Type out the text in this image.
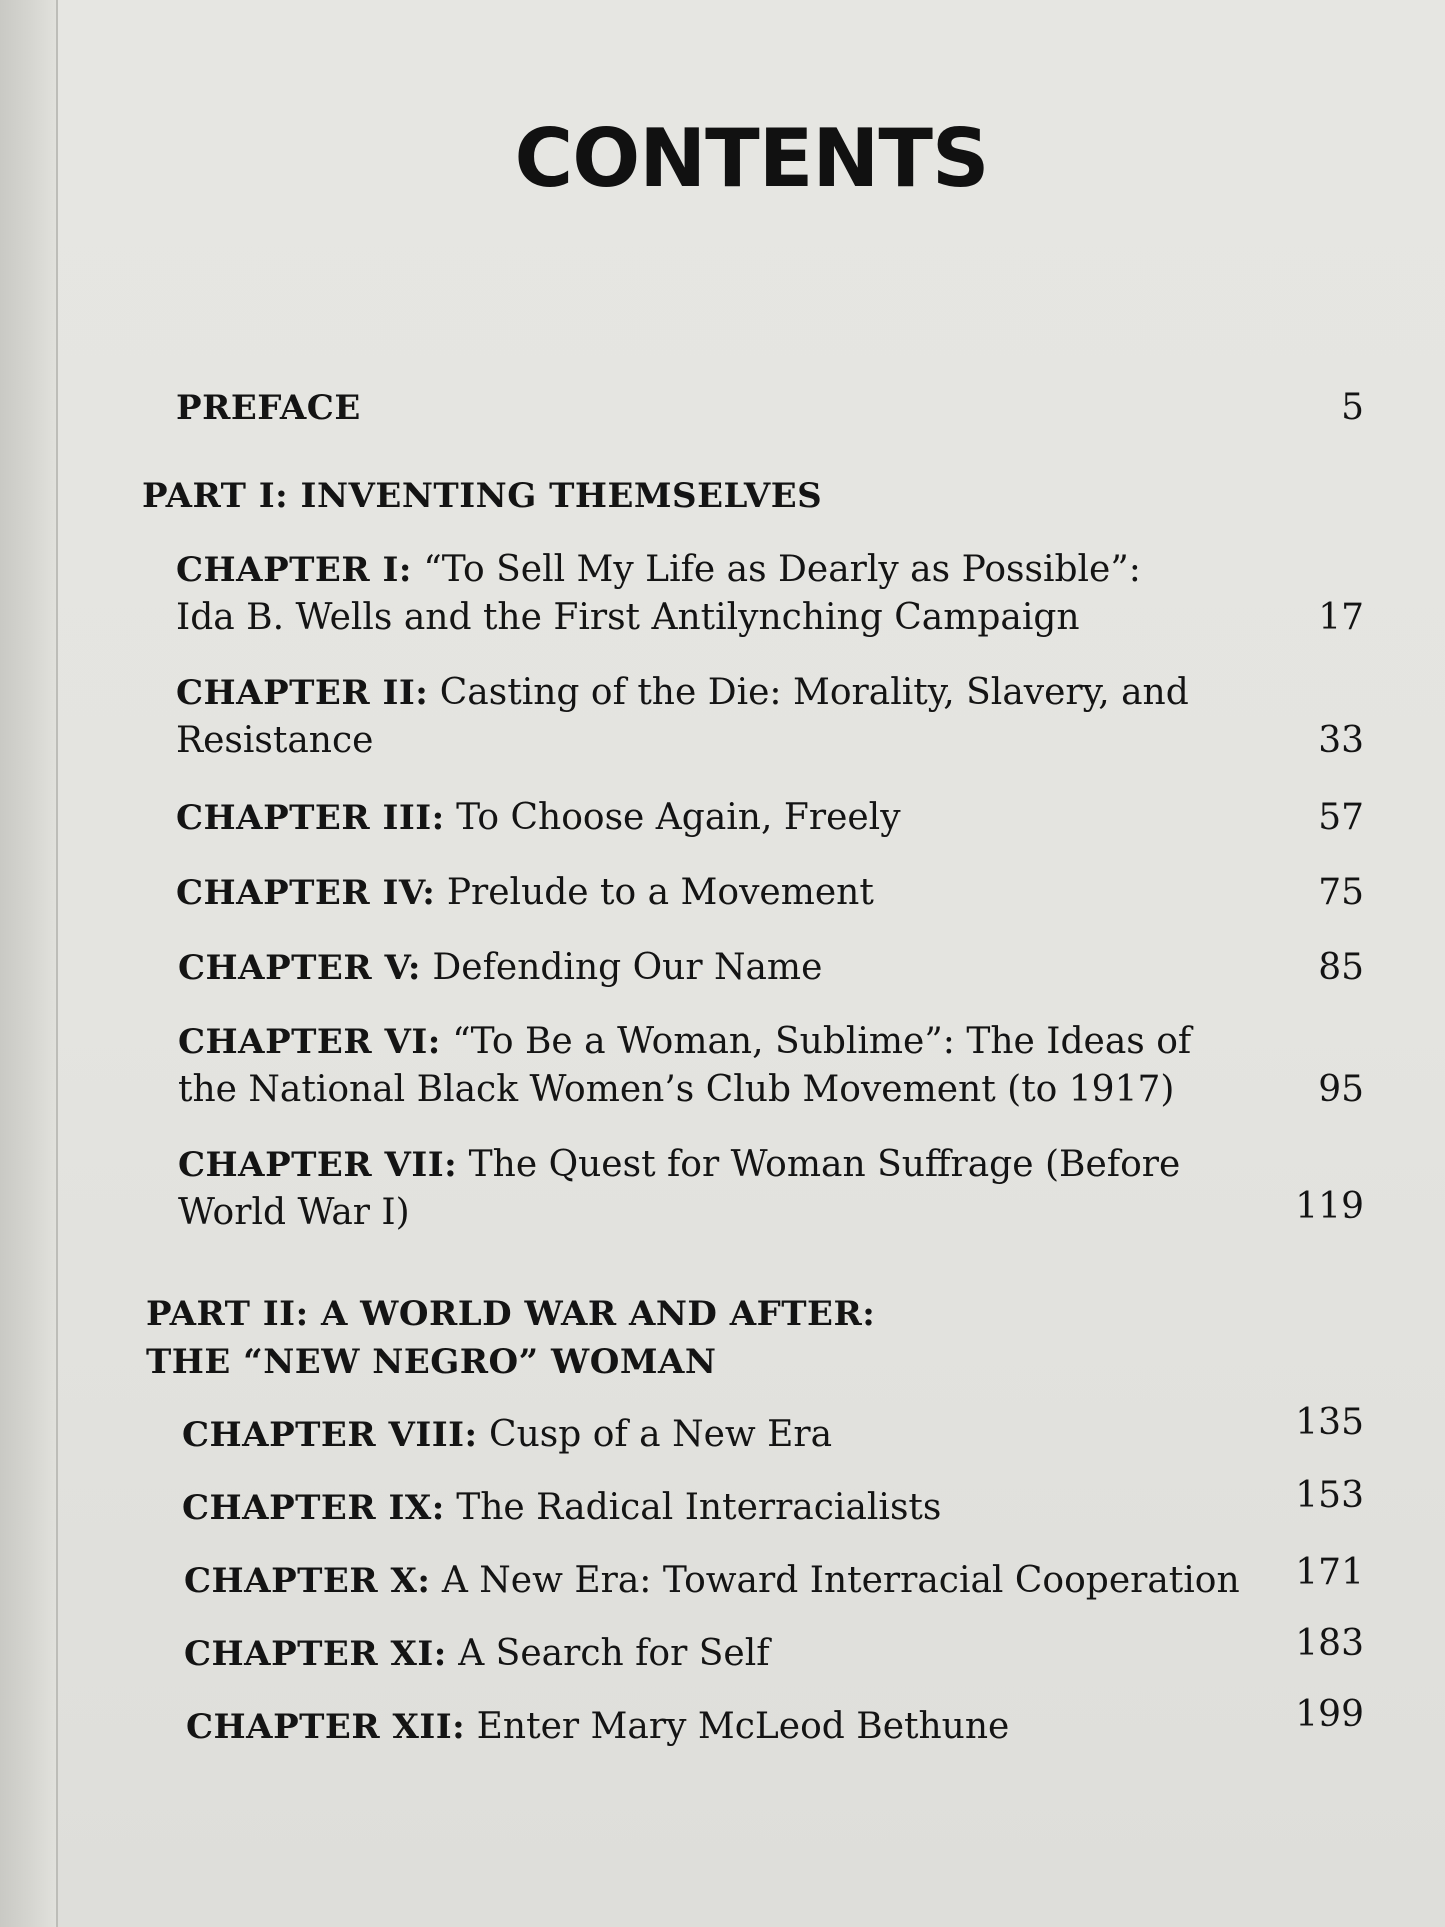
CONTENTS
PREFACE	5
PART I: INVENTING THEMSELVES
CHAPTER I: “To Sell My Life as Dearly as Possible”:
Ida B. Wells and the First Antilynching Campaign	17
CHAPTER II: Casting of the Die: Morality, Slavery, and
Resistance	33
CHAPTER III: To Choose Again, Freely	57
CHAPTER IV: Prelude to a Movement	75
CHAPTER V: Defending Our Name	85
CHAPTER VI: “To Be a Woman, Sublime”: The Ideas of
the National Black Women’s Club Movement (to 1917)	95
CHAPTER VII: The Quest for Woman Suffrage (Before
World War I)	119
PART II: A WORLD WAR AND AFTER:
THE “NEW NEGRO” WOMAN
CHAPTER VIII: Cusp of a New Era	135
CHAPTER IX: The Radical Interracialists	153
CHAPTER X: A New Era: Toward Interracial Cooperation 171
CHAPTER XI: A Search for Self	183
CHAPTER XII: Enter Mary McLeod Bethune	199
